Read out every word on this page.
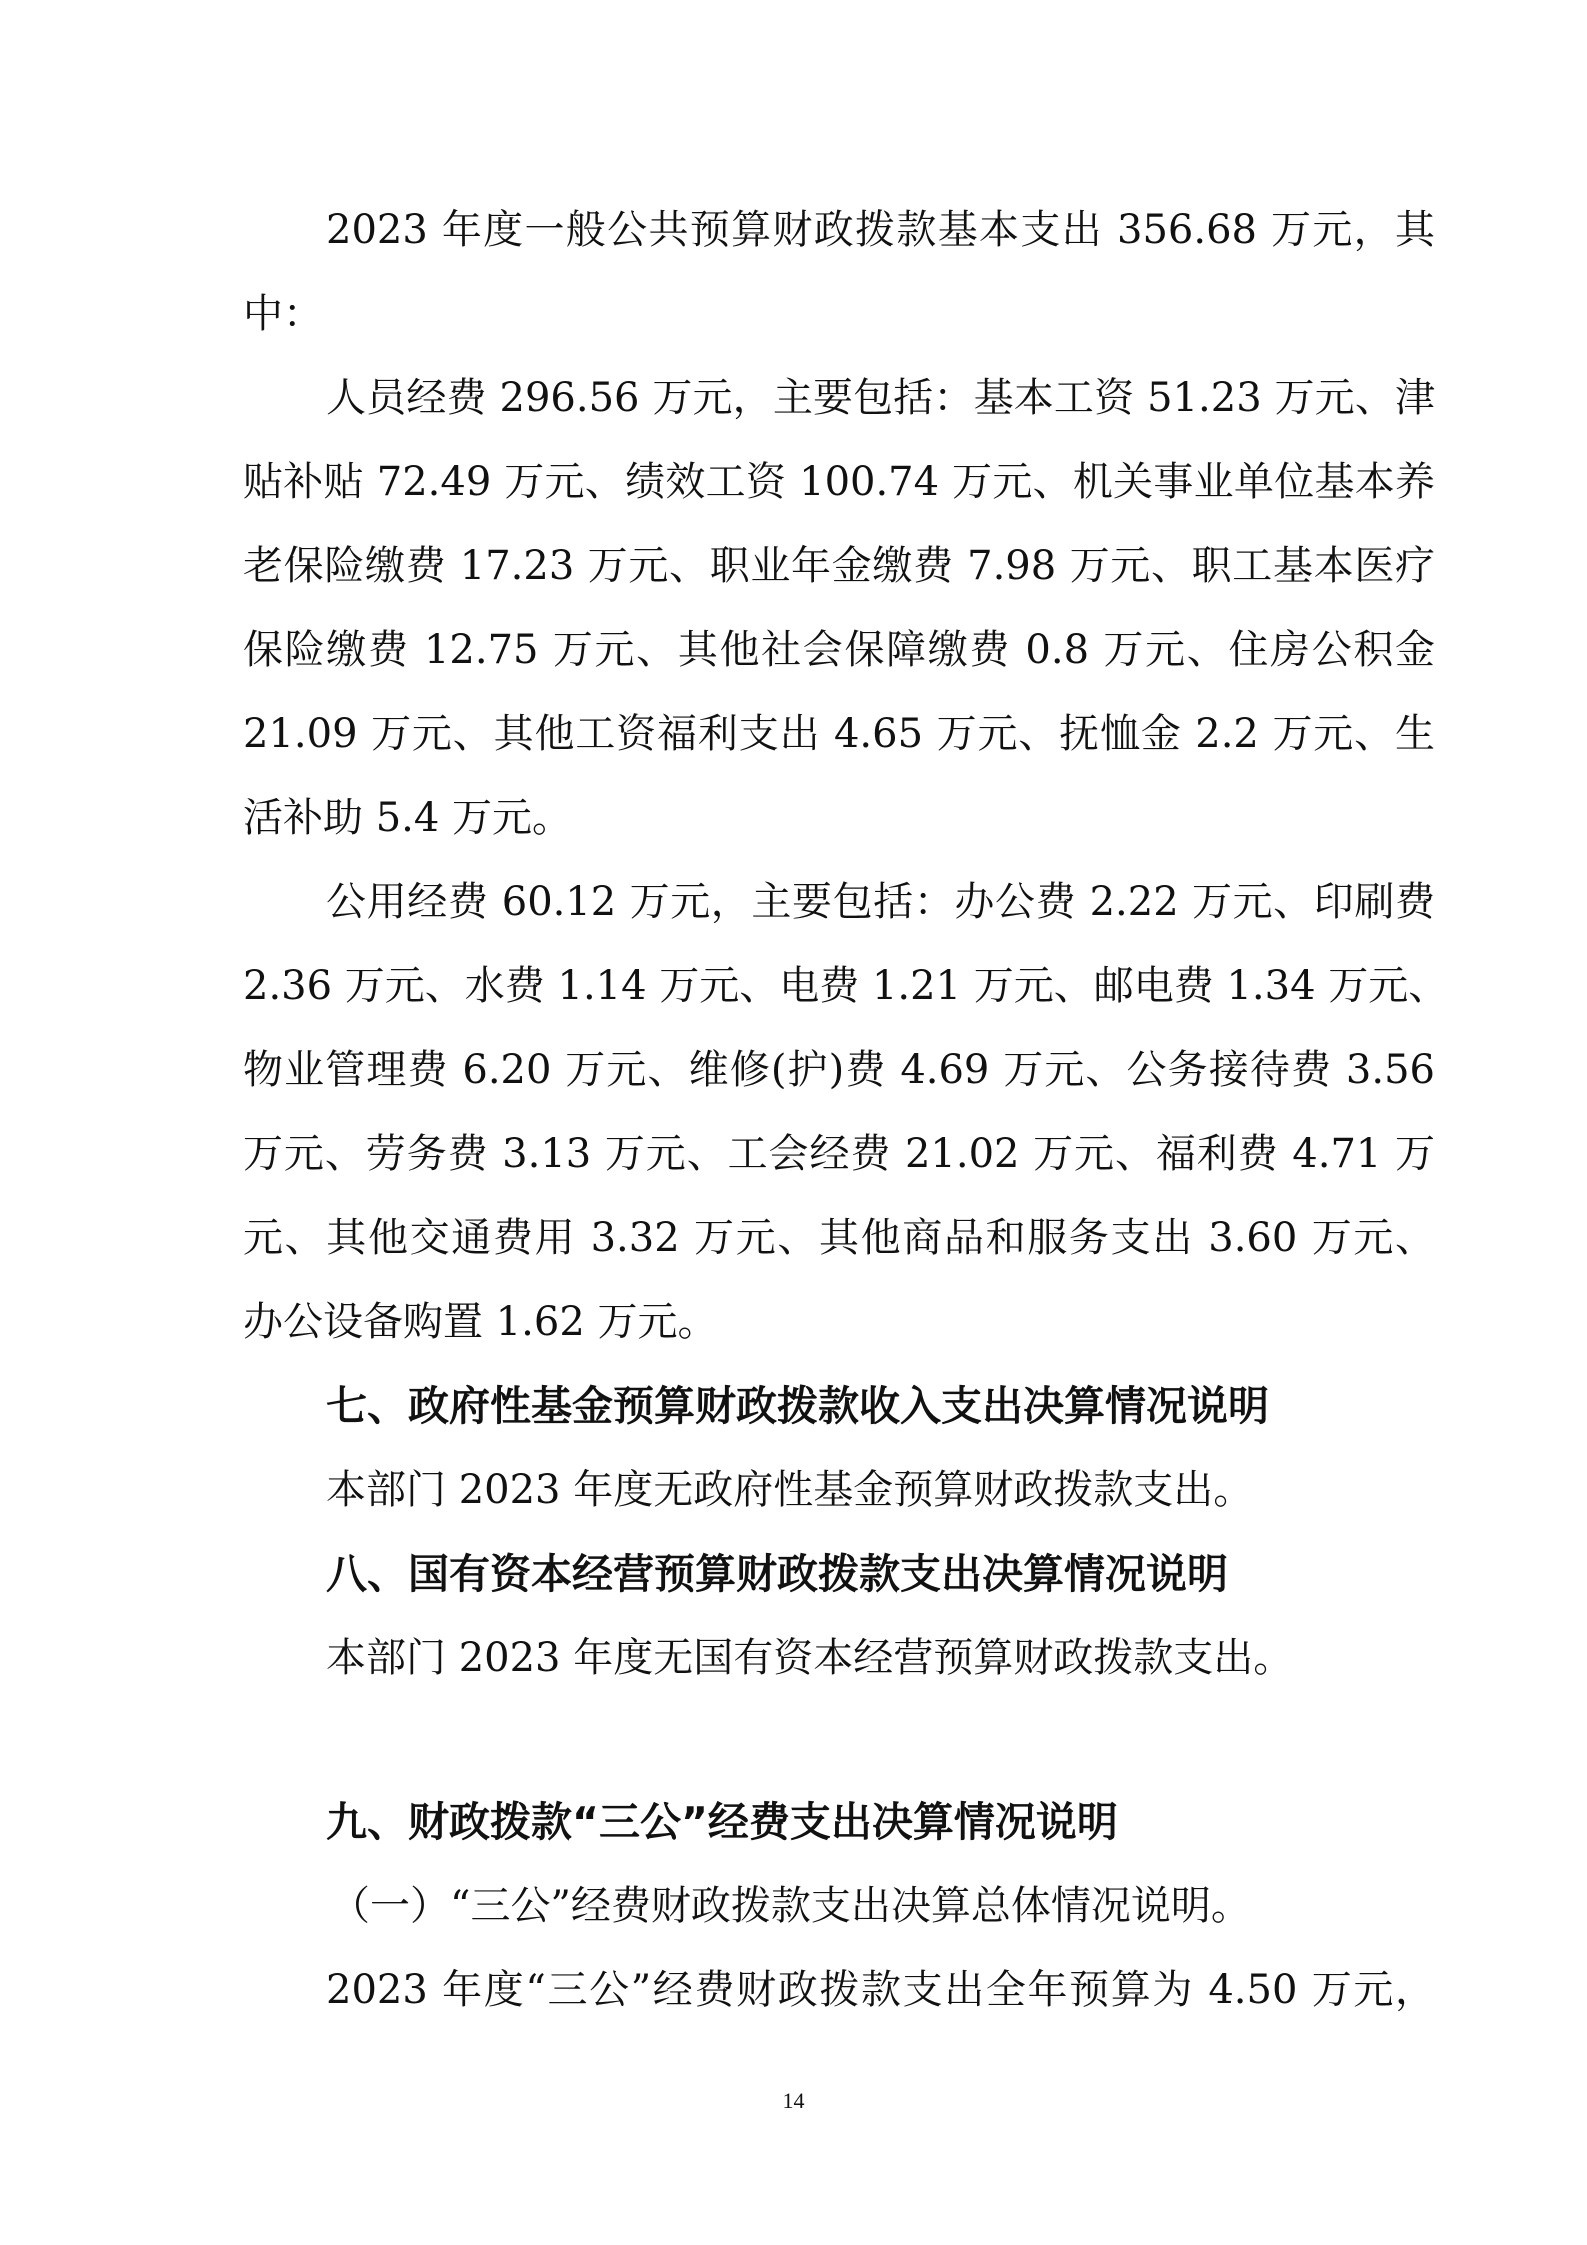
2023 年度一般公共预算财政拨款基本支出 356.68 万元，其

中：

人员经费 296.56 万元，主要包括：基本工资 51.23 万元、津

贴补贴 72.49 万元、绩效工资 100.74 万元、机关事业单位基本养

老保险缴费 17.23 万元、职业年金缴费 7.98 万元、职工基本医疗

保险缴费 12.75 万元、其他社会保障缴费 0.8 万元、住房公积金

21.09 万元、其他工资福利支出 4.65 万元、抚恤金 2.2 万元、生

活补助 5.4 万元。

公用经费 60.12 万元，主要包括：办公费 2.22 万元、印刷费

2.36 万元、水费 1.14 万元、电费 1.21 万元、邮电费 1.34 万元、

物业管理费 6.20 万元、维修(护)费 4.69 万元、公务接待费 3.56

万元、劳务费 3.13 万元、工会经费 21.02 万元、福利费 4.71 万

元、其他交通费用 3.32 万元、其他商品和服务支出 3.60 万元、

办公设备购置 1.62 万元。

七、政府性基金预算财政拨款收入支出决算情况说明

本部门 2023 年度无政府性基金预算财政拨款支出。

八、国有资本经营预算财政拨款支出决算情况说明

本部门 2023 年度无国有资本经营预算财政拨款支出。

九、财政拨款“三公”经费支出决算情况说明

（一）“三公”经费财政拨款支出决算总体情况说明。

2023 年度“三公”经费财政拨款支出全年预算为 4.50 万元，

14
